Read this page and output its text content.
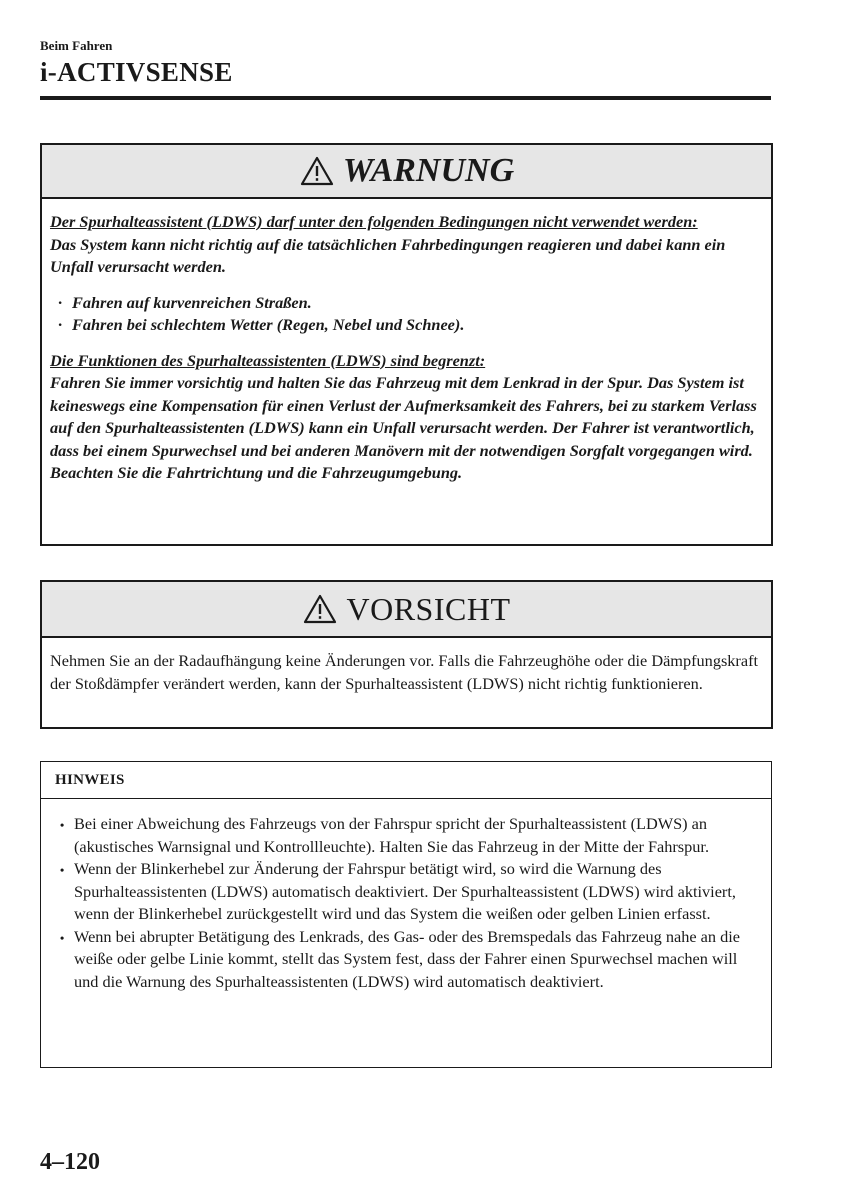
Beim Fahren
i-ACTIVSENSE
WARNUNG

Der Spurhalteassistent (LDWS) darf unter den folgenden Bedingungen nicht verwendet werden:

Das System kann nicht richtig auf die tatsächlichen Fahrbedingungen reagieren und dabei kann ein Unfall verursacht werden.

· Fahren auf kurvenreichen Straßen.
· Fahren bei schlechtem Wetter (Regen, Nebel und Schnee).

Die Funktionen des Spurhalteassistenten (LDWS) sind begrenzt:

Fahren Sie immer vorsichtig und halten Sie das Fahrzeug mit dem Lenkrad in der Spur. Das System ist keineswegs eine Kompensation für einen Verlust der Aufmerksamkeit des Fahrers, bei zu starkem Verlass auf den Spurhalteassistenten (LDWS) kann ein Unfall verursacht werden. Der Fahrer ist verantwortlich, dass bei einem Spurwechsel und bei anderen Manövern mit der notwendigen Sorgfalt vorgegangen wird. Beachten Sie die Fahrtrichtung und die Fahrzeugumgebung.

VORSICHT
Nehmen Sie an der Radaufhängung keine Änderungen vor. Falls die Fahrzeughöhe oder die Dämpfungskraft der Stoßdämpfer verändert werden, kann der Spurhalteassistent (LDWS) nicht richtig funktionieren.
HINWEIS
• Bei einer Abweichung des Fahrzeugs von der Fahrspur spricht der Spurhalteassistent (LDWS) an (akustisches Warnsignal und Kontrollleuchte). Halten Sie das Fahrzeug in der Mitte der Fahrspur.
• Wenn der Blinkerhebel zur Änderung der Fahrspur betätigt wird, so wird die Warnung des Spurhalteassistenten (LDWS) automatisch deaktiviert. Der Spurhalteassistent (LDWS) wird aktiviert, wenn der Blinkerhebel zurückgestellt wird und das System die weißen oder gelben Linien erfasst.
• Wenn bei abrupter Betätigung des Lenkrads, des Gas- oder des Bremspedals das Fahrzeug nahe an die weiße oder gelbe Linie kommt, stellt das System fest, dass der Fahrer einen Spurwechsel machen will und die Warnung des Spurhalteassistenten (LDWS) wird automatisch deaktiviert.
4–120
